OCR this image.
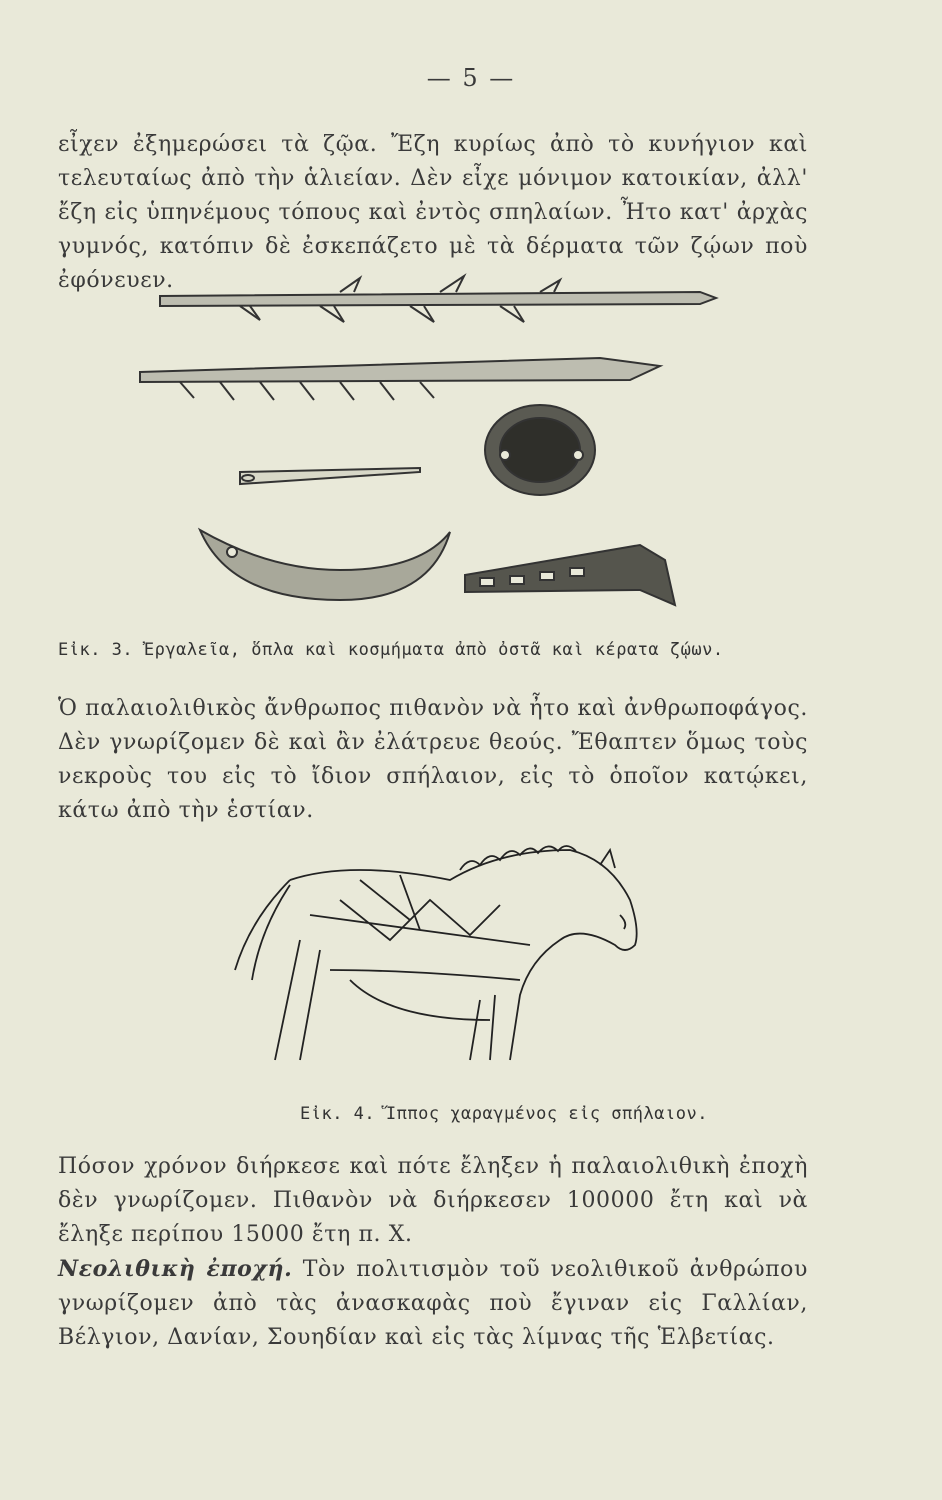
— 5 —
εἶχεν ἐξημερώσει τὰ ζῷα. Ἔζη κυρίως ἀπὸ τὸ κυνήγιον καὶ τελευταίως ἀπὸ τὴν ἁλιείαν. Δὲν εἶχε μόνιμον κατοικίαν, ἀλλ' ἔζη εἰς ὑπηνέμους τόπους καὶ ἐντὸς σπηλαίων. Ἦτο κατ' ἀρχὰς γυμνός, κατόπιν δὲ ἐσκεπάζετο μὲ τὰ δέρματα τῶν ζῴων ποὺ ἐφόνευεν.
Εἰκ. 3. Ἐργαλεῖα, ὅπλα καὶ κοσμήματα ἀπὸ ὀστᾶ καὶ κέρατα ζῴων.
Ὁ παλαιολιθικὸς ἄνθρωπος πιθανὸν νὰ ἦτο καὶ ἀνθρωποφάγος. Δὲν γνωρίζομεν δὲ καὶ ἂν ἐλάτρευε θεούς. Ἔθαπτεν ὅμως τοὺς νεκροὺς του εἰς τὸ ἴδιον σπήλαιον, εἰς τὸ ὁποῖον κατῴκει, κάτω ἀπὸ τὴν ἑστίαν.
Εἰκ. 4. Ἵππος χαραγμένος εἰς σπήλαιον.
Πόσον χρόνον διήρκεσε καὶ πότε ἔληξεν ἡ παλαιολιθικὴ ἐποχὴ δὲν γνωρίζομεν. Πιθανὸν νὰ διήρκεσεν 100000 ἔτη καὶ νὰ ἔληξε περίπου 15000 ἔτη π. Χ.
Νεολιθικὴ ἐποχή. Τὸν πολιτισμὸν τοῦ νεολιθικοῦ ἀνθρώπου γνωρίζομεν ἀπὸ τὰς ἀνασκαφὰς ποὺ ἔγιναν εἰς Γαλλίαν, Βέλγιον, Δανίαν, Σουηδίαν καὶ εἰς τὰς λίμνας τῆς Ἑλβετίας.
